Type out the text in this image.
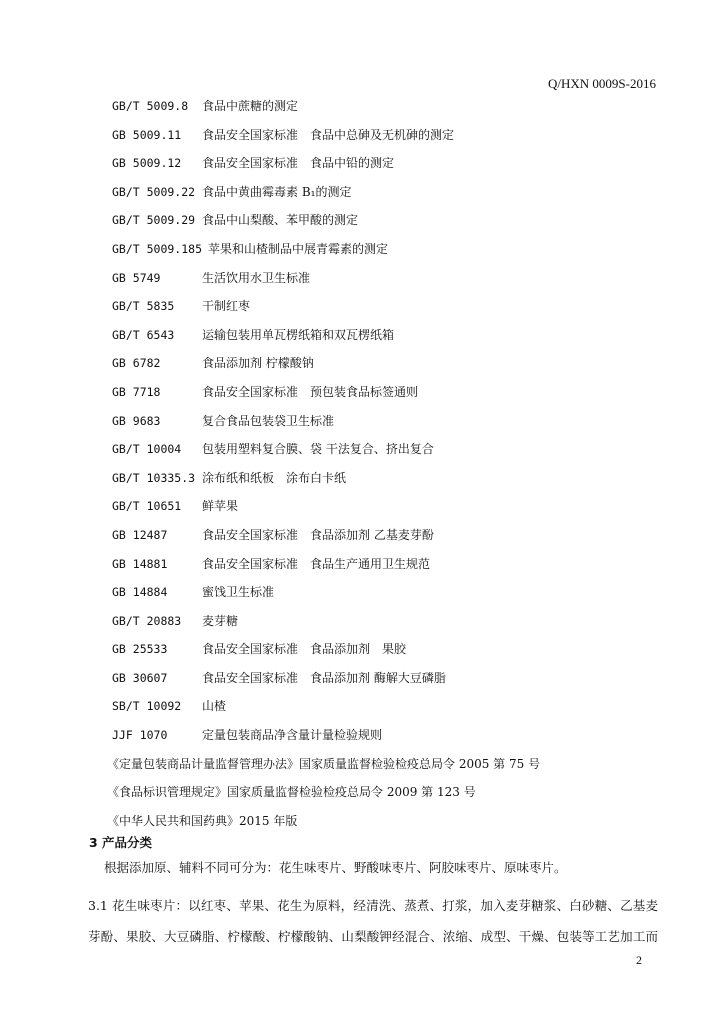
Q/HXN 0009S-2016
GB/T 5009.8 食品中蔗糖的测定
GB 5009.11 食品安全国家标准　食品中总砷及无机砷的测定
GB 5009.12 食品安全国家标准　食品中铅的测定
GB/T 5009.22 食品中黄曲霉毒素 B₁的测定
GB/T 5009.29 食品中山梨酸、苯甲酸的测定
GB/T 5009.185 苹果和山楂制品中展青霉素的测定
GB 5749	生活饮用水卫生标准
GB/T 5835 干制红枣
GB/T 6543 运输包装用单瓦楞纸箱和双瓦楞纸箱
GB 6782	食品添加剂 柠檬酸钠
GB 7718	食品安全国家标准　预包装食品标签通则
GB 9683	复合食品包装袋卫生标准
GB/T 10004 包装用塑料复合膜、袋 干法复合、挤出复合
GB/T 10335.3 涂布纸和纸板　涂布白卡纸
GB/T 10651 鲜苹果
GB 12487	食品安全国家标准　食品添加剂 乙基麦芽酚
GB 14881	食品安全国家标准　食品生产通用卫生规范
GB 14884	蜜饯卫生标准
GB/T 20883 麦芽糖
GB 25533	食品安全国家标准　食品添加剂　果胶
GB 30607	食品安全国家标准　食品添加剂 酶解大豆磷脂
SB/T 10092 山楂
JJF 1070	定量包装商品净含量计量检验规则
《定量包装商品计量监督管理办法》国家质量监督检验检疫总局令 2005 第 75 号
《食品标识管理规定》国家质量监督检验检疫总局令 2009 第 123 号
《中华人民共和国药典》2015 年版
3 产品分类
根据添加原、辅料不同可分为：花生味枣片、野酸味枣片、阿胶味枣片、原味枣片。
3.1 花生味枣片：以红枣、苹果、花生为原料，经清洗、蒸煮、打浆，加入麦芽糖浆、白砂糖、乙基麦
芽酚、果胶、大豆磷脂、柠檬酸、柠檬酸钠、山梨酸钾经混合、浓缩、成型、干燥、包装等工艺加工而
2
